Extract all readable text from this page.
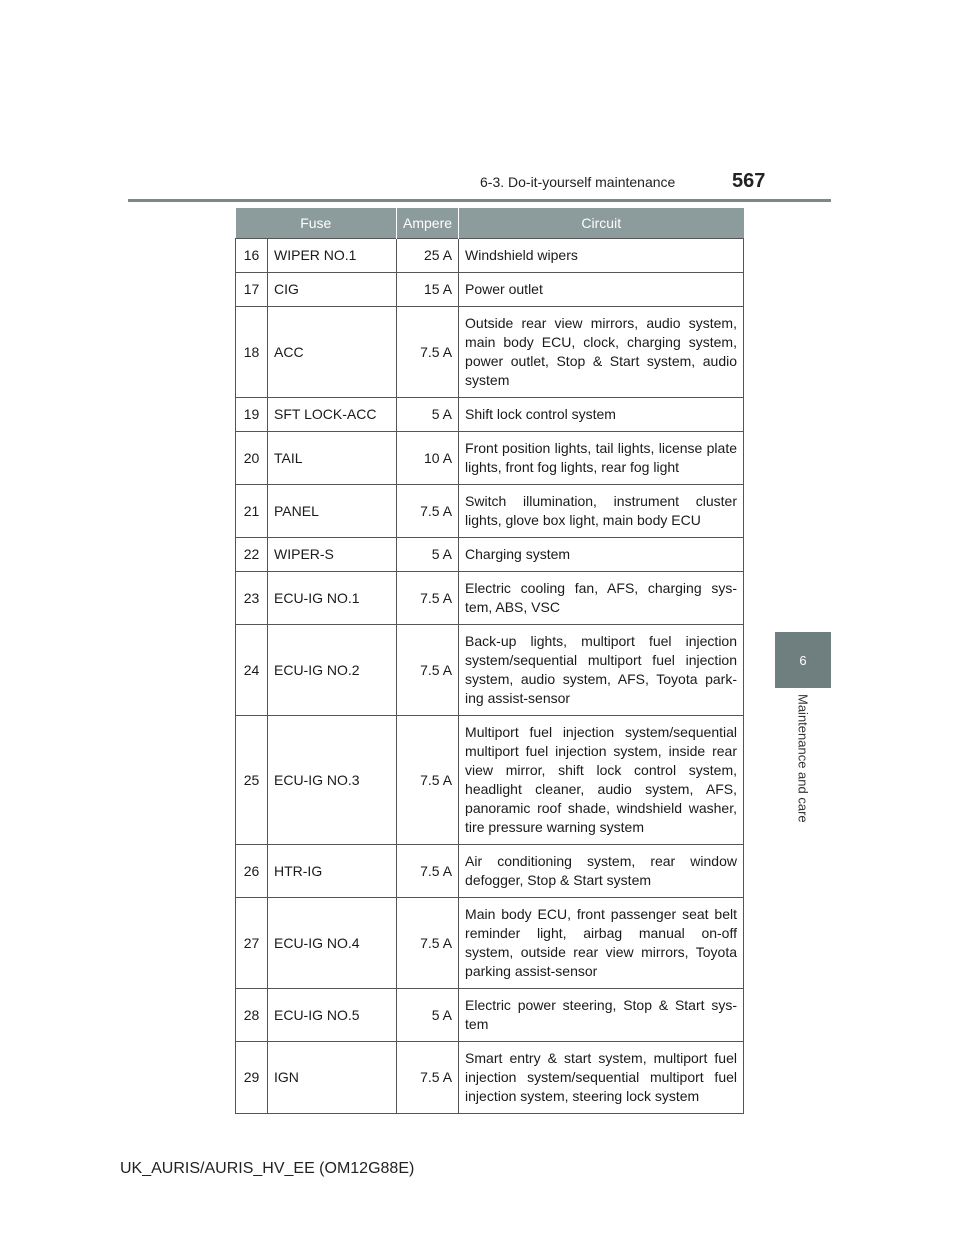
6-3. Do-it-yourself maintenance	567
6
Maintenance and care
Fuse		Ampere	Circuit
16	WIPER NO.1	25 A	Windshield wipers
17	CIG	15 A	Power outlet
18	ACC	7.5 A	Outside rear view mirrors, audio system, main body ECU, clock, charging system, power outlet, Stop & Start system, audio system
19	SFT LOCK-ACC	5 A	Shift lock control system
20	TAIL	10 A	Front position lights, tail lights, license plate lights, front fog lights, rear fog light
21	PANEL	7.5 A	Switch illumination, instrument cluster lights, glove box light, main body ECU
22	WIPER-S	5 A	Charging system
23	ECU-IG NO.1	7.5 A	Electric cooling fan, AFS, charging sys- tem, ABS, VSC
24	ECU-IG NO.2	7.5 A	Back-up lights, multiport fuel injection system/sequential multiport fuel injection system, audio system, AFS, Toyota park- ing assist-sensor
25	ECU-IG NO.3	7.5 A	Multiport fuel injection system/sequential multiport fuel injection system, inside rear view mirror, shift lock control system, headlight cleaner, audio system, AFS, panoramic roof shade, windshield washer, tire pressure warning system
26	HTR-IG	7.5 A	Air conditioning system, rear window defogger, Stop & Start system
27	ECU-IG NO.4	7.5 A	Main body ECU, front passenger seat belt reminder light, airbag manual on-off system, outside rear view mirrors, Toyota parking assist-sensor
28	ECU-IG NO.5	5 A	Electric power steering, Stop & Start sys- tem
29	IGN	7.5 A	Smart entry & start system, multiport fuel injection system/sequential multiport fuel injection system, steering lock system
UK_AURIS/AURIS_HV_EE (OM12G88E)
